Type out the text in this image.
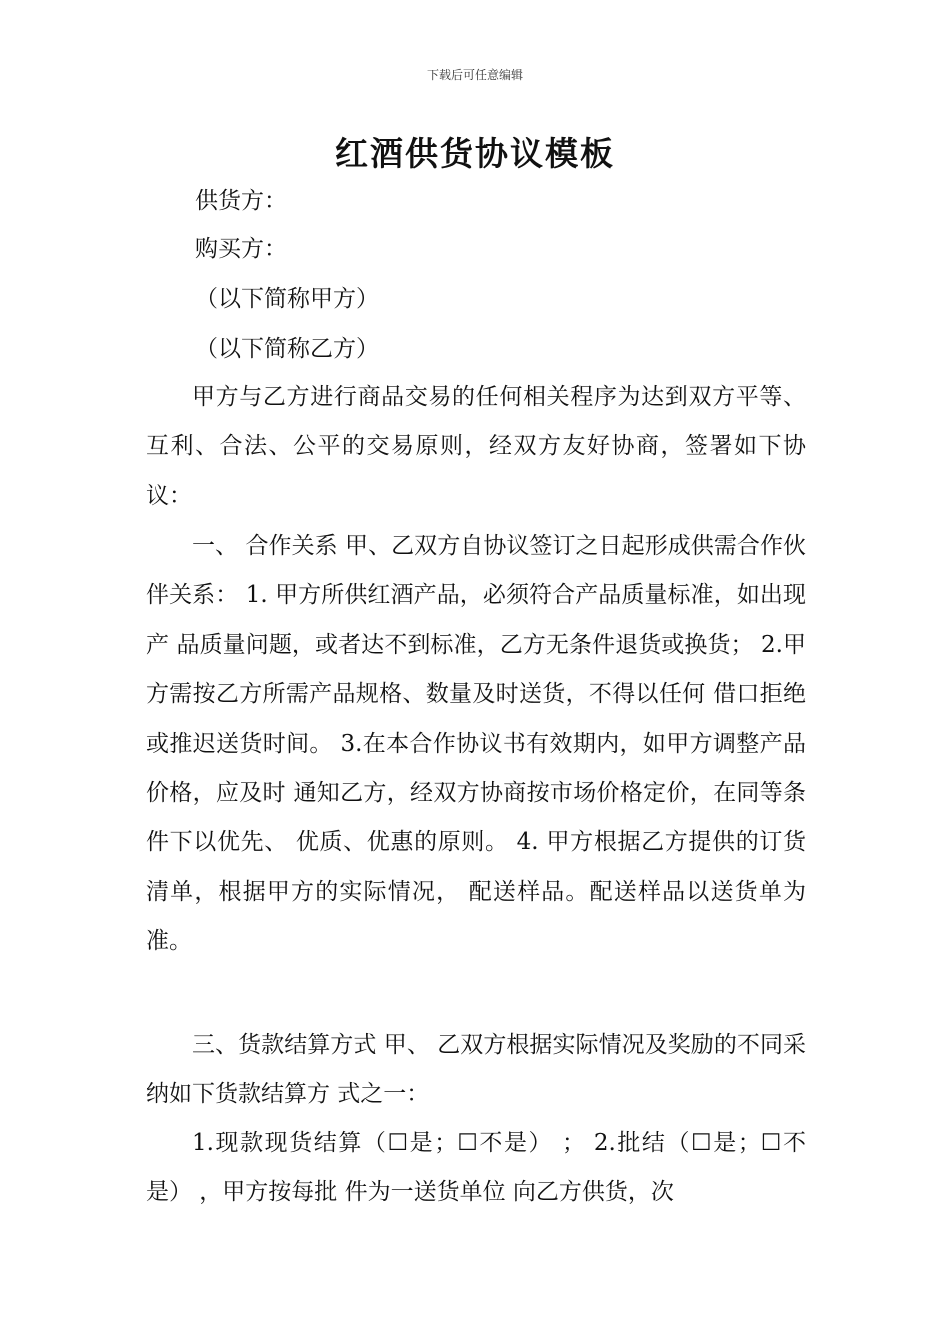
下载后可任意编辑
红酒供货协议模板
供货方：
购买方：
（以下简称甲方）
（以下简称乙方）

甲方与乙方进行商品交易的任何相关程序为达到双方平等、 互利、合法、公平的交易原则，经双方友好协商，签署如下协议：

一、 合作关系 甲、乙双方自协议签订之日起形成供需合作伙伴关系： 1. 甲方所供红酒产品，必须符合产品质量标准，如出现产 品质量问题，或者达不到标准，乙方无条件退货或换货； 2.甲方需按乙方所需产品规格、数量及时送货，不得以任何 借口拒绝或推迟送货时间。 3.在本合作协议书有效期内，如甲方调整产品价格，应及时 通知乙方，经双方协商按市场价格定价，在同等条件下以优先、 优质、优惠的原则。 4. 甲方根据乙方提供的订货清单，根据甲方的实际情况， 配送样品。配送样品以送货单为准。

三、货款结算方式 甲、 乙双方根据实际情况及奖励的不同采纳如下货款结算方 式之一：

1.现款现货结算（☐是；☐不是） ； 2.批结（☐是；☐不是） ，甲方按每批 件为一送货单位 向乙方供货，次
